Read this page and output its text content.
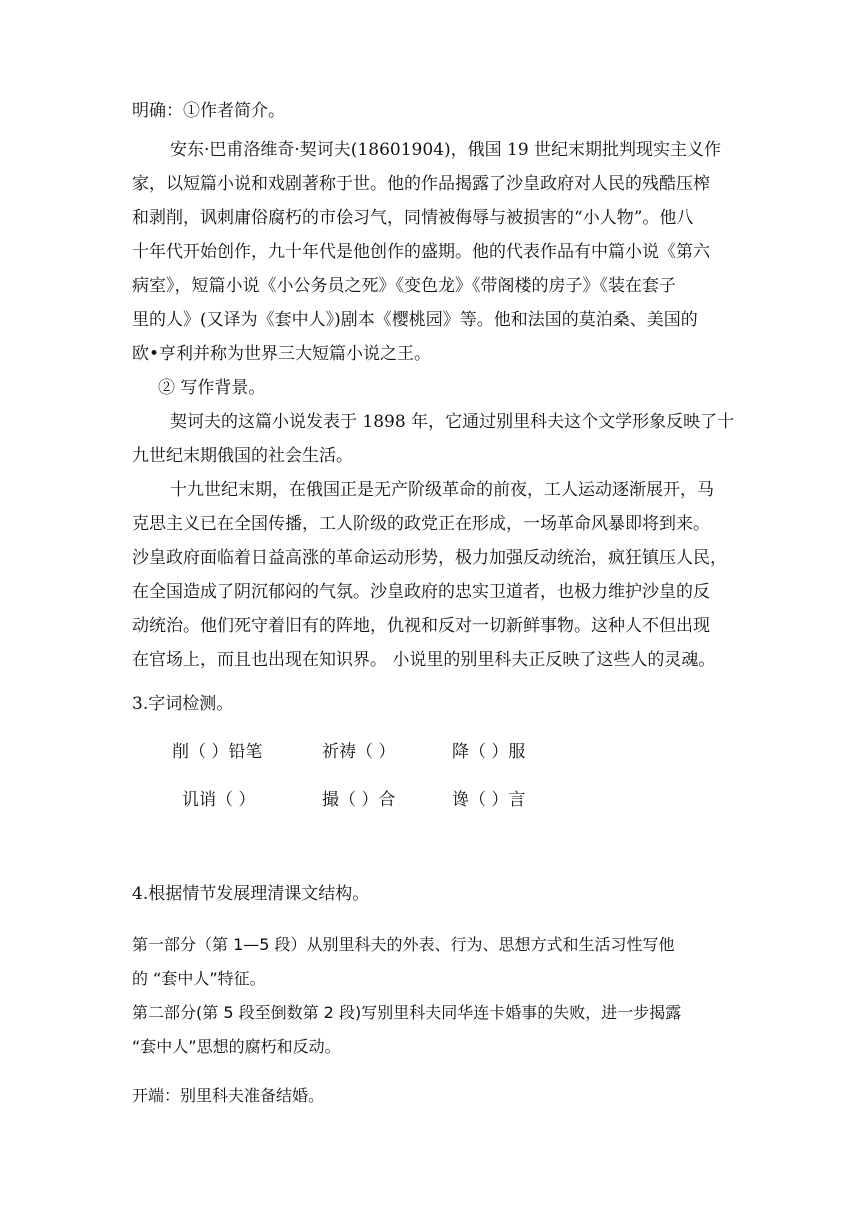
明确：①作者简介。
安东·巴甫洛维奇·契诃夫(18601904)，俄国 19 世纪末期批判现实主义作
家，以短篇小说和戏剧著称于世。他的作品揭露了沙皇政府对人民的残酷压榨
和剥削，讽刺庸俗腐朽的市侩习气，同情被侮辱与被损害的“小人物”。他八
十年代开始创作，九十年代是他创作的盛期。他的代表作品有中篇小说《第六
病室》，短篇小说《小公务员之死》《变色龙》《带阁楼的房子》《装在套子
里的人》(又译为《套中人》)剧本《樱桃园》等。他和法国的莫泊桑、美国的
欧•亨利并称为世界三大短篇小说之王。
② 写作背景。
契诃夫的这篇小说发表于 1898 年，它通过别里科夫这个文学形象反映了十
九世纪末期俄国的社会生活。
十九世纪末期，在俄国正是无产阶级革命的前夜，工人运动逐渐展开，马
克思主义已在全国传播，工人阶级的政党正在形成，一场革命风暴即将到来。
沙皇政府面临着日益高涨的革命运动形势，极力加强反动统治，疯狂镇压人民，
在全国造成了阴沉郁闷的气氛。沙皇政府的忠实卫道者，也极力维护沙皇的反
动统治。他们死守着旧有的阵地，仇视和反对一切新鲜事物。这种人不但出现
在官场上，而且也出现在知识界。 小说里的别里科夫正反映了这些人的灵魂。
3.字词检测。
削（ ）铅笔	祈祷（ ）	降（ ）服
讥诮（ ）	撮（ ）合	谗（ ）言
4.根据情节发展理清课文结构。
第一部分（第 1—5 段）从别里科夫的外表、行为、思想方式和生活习性写他
的 “套中人”特征。
第二部分(第 5 段至倒数第 2 段)写别里科夫同华连卡婚事的失败，进一步揭露
“套中人”思想的腐朽和反动。
开端：别里科夫准备结婚。
